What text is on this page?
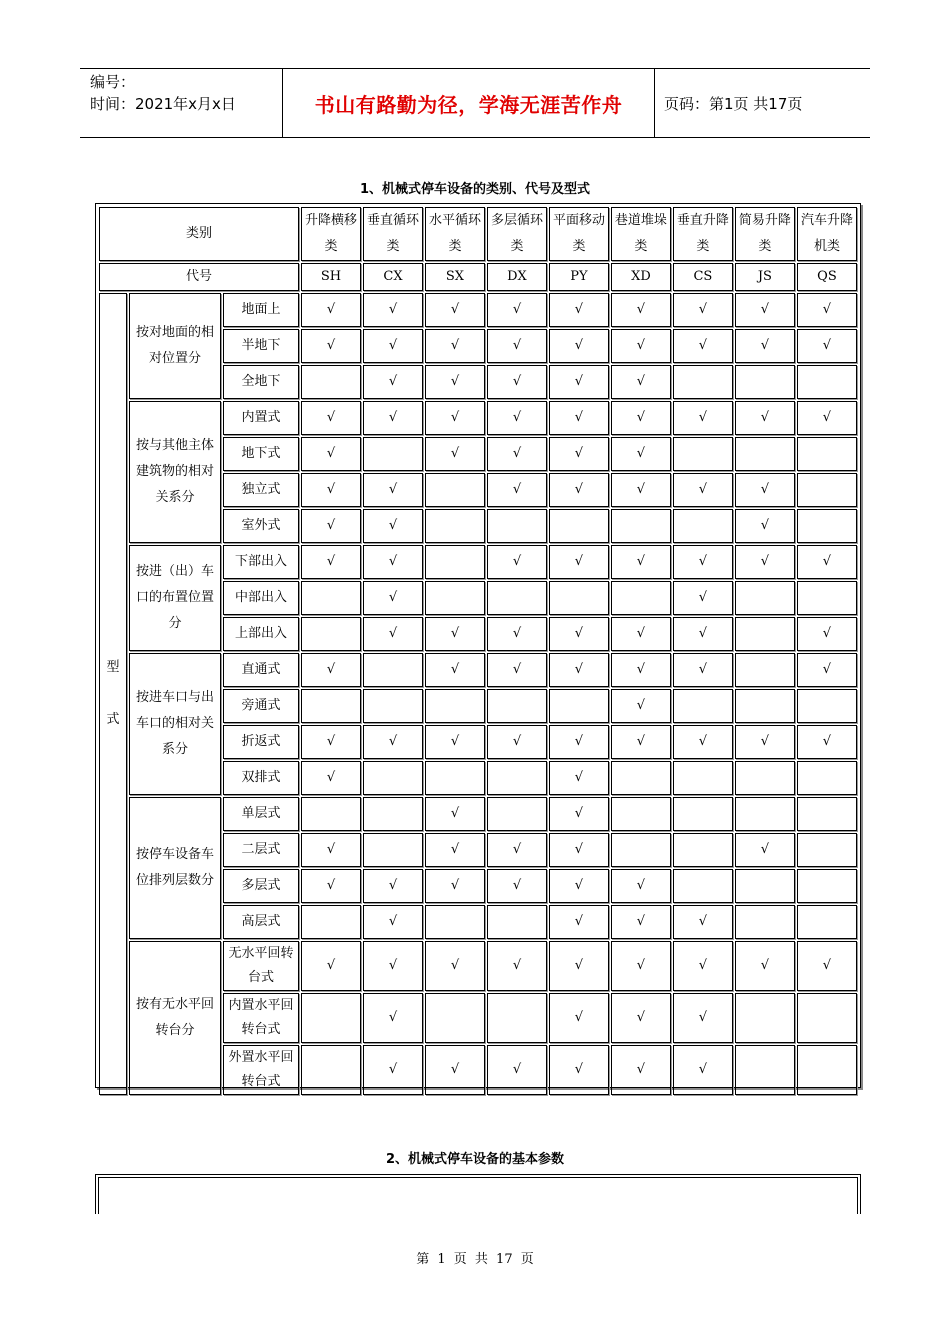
编号：
时间：2021年x月x日	书山有路勤为径，学海无涯苦作舟	页码：第1页 共17页
1、机械式停车设备的类别、代号及型式
类别			升降横移类	垂直循环类	水平循环类	多层循环类	平面移动类	巷道堆垛类	垂直升降类	简易升降类	汽车升降机类
代号			SH	CX	SX	DX	PY	XD	CS	JS	QS
型式	按对地面的相对位置分	地面上	√	√	√	√	√	√	√	√	√
		半地下	√	√	√	√	√	√	√	√	√
		全地下		√	√	√	√	√			
	按与其他主体建筑物的相对关系分	内置式	√	√	√	√	√	√	√	√	√
		地下式	√		√	√	√	√			
		独立式	√	√		√	√	√	√	√	
		室外式	√	√						√	
	按进（出）车口的布置位置分	下部出入	√	√		√	√	√	√	√	√
		中部出入		√					√		
		上部出入		√	√	√	√	√	√		√
	按进车口与出车口的相对关系分	直通式	√		√	√	√	√	√		√
		旁通式						√			
		折返式	√	√	√	√	√	√	√	√	√
		双排式	√				√				
	按停车设备车位排列层数分	单层式			√		√				
		二层式	√		√	√	√			√	
		多层式	√	√	√	√	√	√			
		高层式		√			√	√	√		
	按有无水平回转台分	无水平回转台式	√	√	√	√	√	√	√	√	√
		内置水平回转台式		√			√	√	√		
		外置水平回转台式		√	√	√	√	√	√		
2、机械式停车设备的基本参数
第 1 页 共 17 页
